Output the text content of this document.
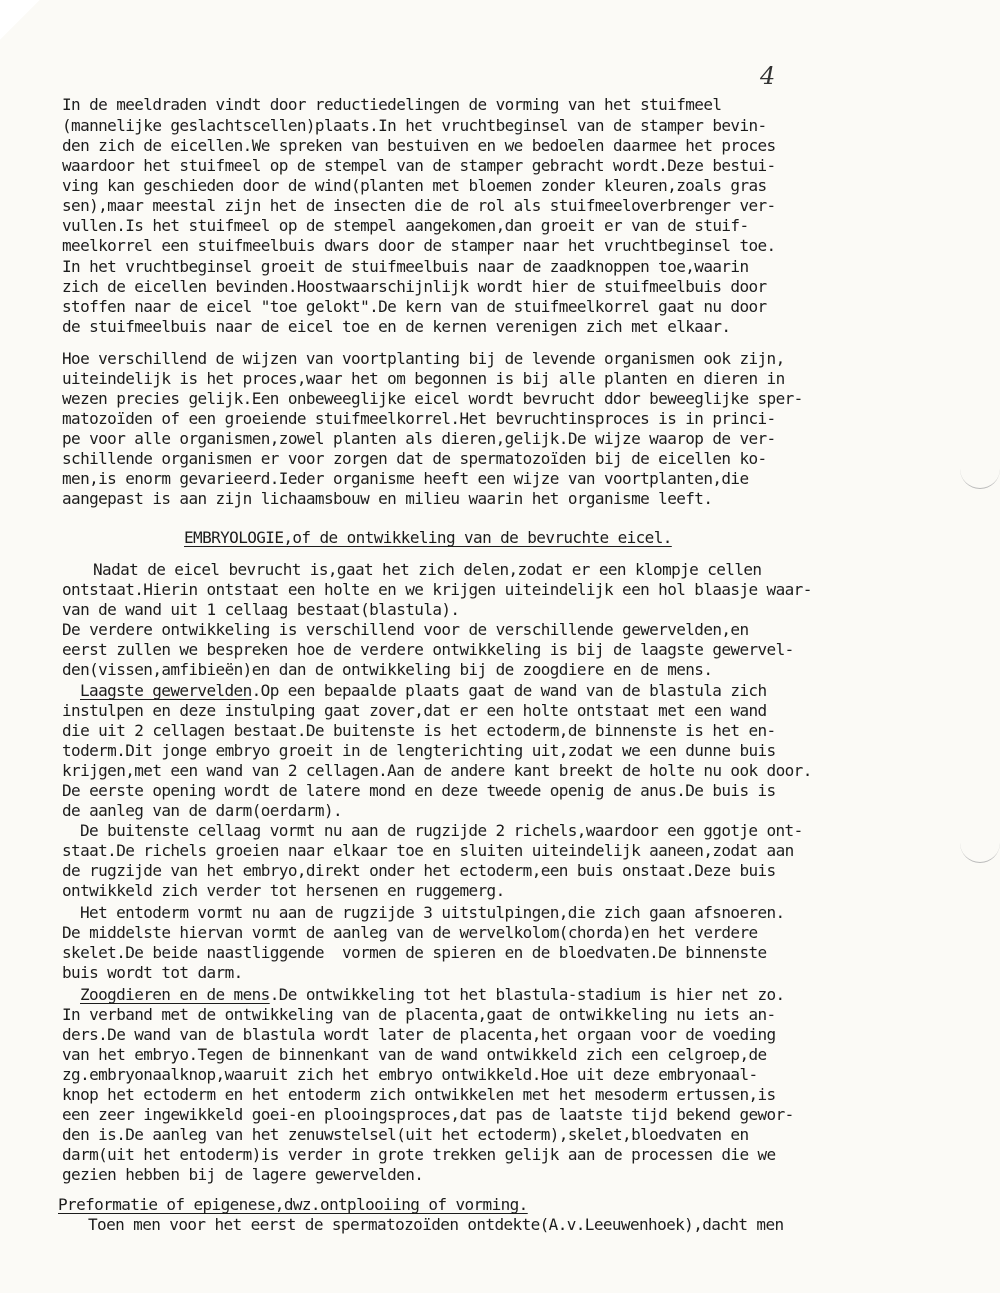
4
In de meeldraden vindt door reductiedelingen de vorming van het stuifmeel
(mannelijke geslachtscellen)plaats.In het vruchtbeginsel van de stamper bevin-
den zich de eicellen.We spreken van bestuiven en we bedoelen daarmee het proces
waardoor het stuifmeel op de stempel van de stamper gebracht wordt.Deze bestui-
ving kan geschieden door de wind(planten met bloemen zonder kleuren,zoals gras
sen),maar meestal zijn het de insecten die de rol als stuifmeeloverbrenger ver-
vullen.Is het stuifmeel op de stempel aangekomen,dan groeit er van de stuif-
meelkorrel een stuifmeelbuis dwars door de stamper naar het vruchtbeginsel toe.
In het vruchtbeginsel groeit de stuifmeelbuis naar de zaadknoppen toe,waarin
zich de eicellen bevinden.Hoostwaarschijnlijk wordt hier de stuifmeelbuis door
stoffen naar de eicel "toe gelokt".De kern van de stuifmeelkorrel gaat nu door
de stuifmeelbuis naar de eicel toe en de kernen verenigen zich met elkaar.
Hoe verschillend de wijzen van voortplanting bij de levende organismen ook zijn,
uiteindelijk is het proces,waar het om begonnen is bij alle planten en dieren in
wezen precies gelijk.Een onbeweeglijke eicel wordt bevrucht ddor beweeglijke sper-
matozoïden of een groeiende stuifmeelkorrel.Het bevruchtinsproces is in princi-
pe voor alle organismen,zowel planten als dieren,gelijk.De wijze waarop de ver-
schillende organismen er voor zorgen dat de spermatozoïden bij de eicellen ko-
men,is enorm gevarieerd.Ieder organisme heeft een wijze van voortplanten,die
aangepast is aan zijn lichaamsbouw en milieu waarin het organisme leeft.
EMBRYOLOGIE,of de ontwikkeling van de bevruchte eicel.
Nadat de eicel bevrucht is,gaat het zich delen,zodat er een klompje cellen
ontstaat.Hierin ontstaat een holte en we krijgen uiteindelijk een hol blaasje waar-
van de wand uit 1 cellaag bestaat(blastula).
De verdere ontwikkeling is verschillend voor de verschillende gewervelden,en
eerst zullen we bespreken hoe de verdere ontwikkeling is bij de laagste gewervel-
den(vissen,amfibieën)en dan de ontwikkeling bij de zoogdiere en de mens.
Laagste gewervelden.Op een bepaalde plaats gaat de wand van de blastula zich
instulpen en deze instulping gaat zover,dat er een holte ontstaat met een wand
die uit 2 cellagen bestaat.De buitenste is het ectoderm,de binnenste is het en-
toderm.Dit jonge embryo groeit in de lengterichting uit,zodat we een dunne buis
krijgen,met een wand van 2 cellagen.Aan de andere kant breekt de holte nu ook door.
De eerste opening wordt de latere mond en deze tweede openig de anus.De buis is
de aanleg van de darm(oerdarm).
De buitenste cellaag vormt nu aan de rugzijde 2 richels,waardoor een ggotje ont-
staat.De richels groeien naar elkaar toe en sluiten uiteindelijk aaneen,zodat aan
de rugzijde van het embryo,direkt onder het ectoderm,een buis onstaat.Deze buis
ontwikkeld zich verder tot hersenen en ruggemerg.
Het entoderm vormt nu aan de rugzijde 3 uitstulpingen,die zich gaan afsnoeren.
De middelste hiervan vormt de aanleg van de wervelkolom(chorda)en het verdere
skelet.De beide naastliggende  vormen de spieren en de bloedvaten.De binnenste
buis wordt tot darm.
Zoogdieren en de mens.De ontwikkeling tot het blastula-stadium is hier net zo.
In verband met de ontwikkeling van de placenta,gaat de ontwikkeling nu iets an-
ders.De wand van de blastula wordt later de placenta,het orgaan voor de voeding
van het embryo.Tegen de binnenkant van de wand ontwikkeld zich een celgroep,de
zg.embryonaalknop,waaruit zich het embryo ontwikkeld.Hoe uit deze embryonaal-
knop het ectoderm en het entoderm zich ontwikkelen met het mesoderm ertussen,is
een zeer ingewikkeld goei-en plooingsproces,dat pas de laatste tijd bekend gewor-
den is.De aanleg van het zenuwstelsel(uit het ectoderm),skelet,bloedvaten en
darm(uit het entoderm)is verder in grote trekken gelijk aan de processen die we
gezien hebben bij de lagere gewervelden.
Preformatie of epigenese,dwz.ontplooiing of vorming.
Toen men voor het eerst de spermatozoïden ontdekte(A.v.Leeuwenhoek),dacht men
